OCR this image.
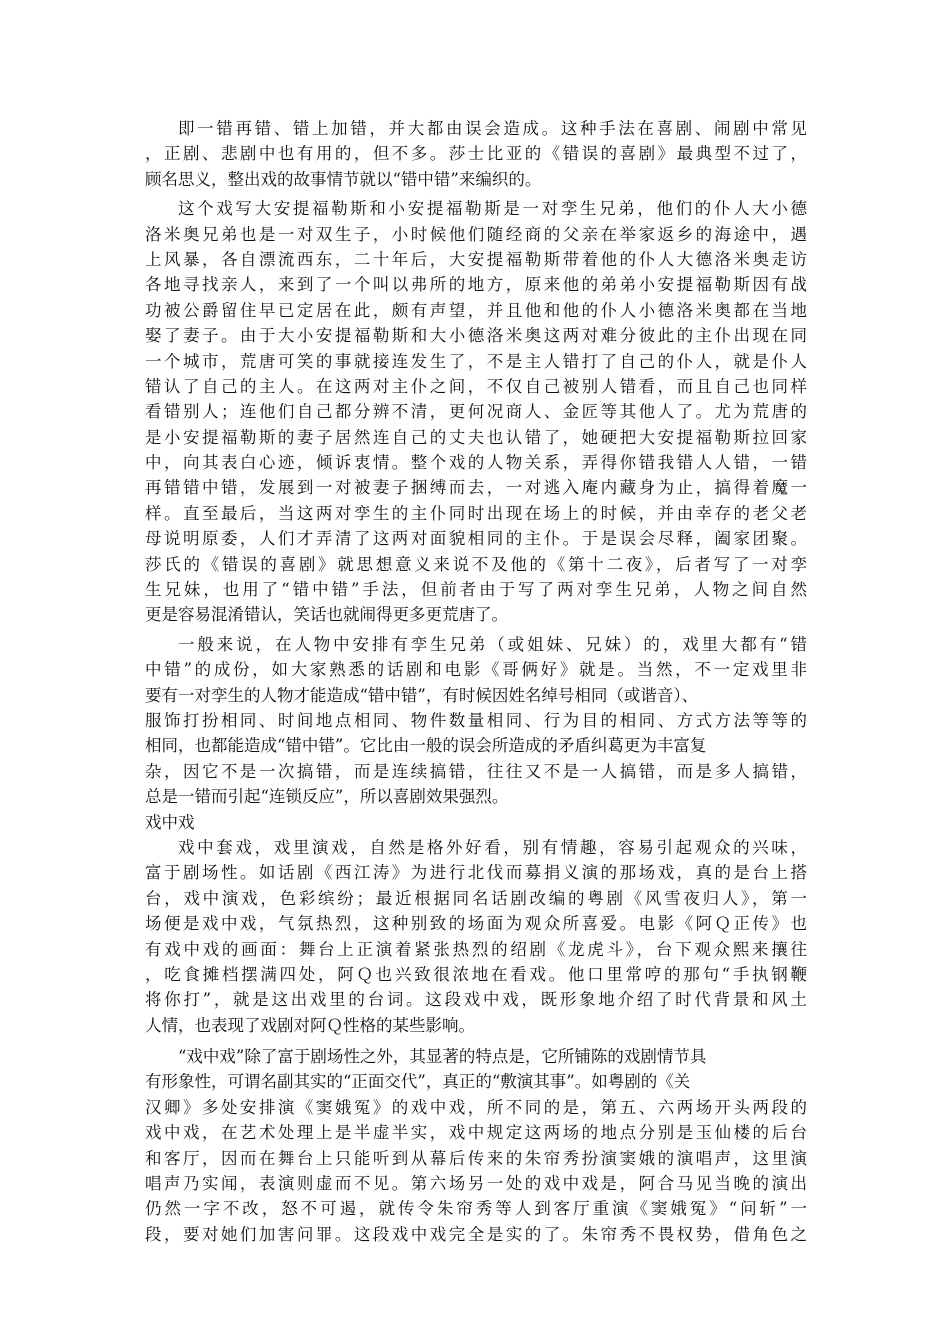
即一错再错、错上加错，并大都由误会造成。这种手法在喜剧、闹剧中常见
，正剧、悲剧中也有用的，但不多。莎士比亚的《错误的喜剧》最典型不过了，
顾名思义，整出戏的故事情节就以“错中错”来编织的。
这个戏写大安提福勒斯和小安提福勒斯是一对孪生兄弟，他们的仆人大小德
洛米奥兄弟也是一对双生子，小时候他们随经商的父亲在举家返乡的海途中，遇
上风暴，各自漂流西东，二十年后，大安提福勒斯带着他的仆人大德洛米奥走访
各地寻找亲人，来到了一个叫以弗所的地方，原来他的弟弟小安提福勒斯因有战
功被公爵留住早已定居在此，颇有声望，并且他和他的仆人小德洛米奥都在当地
娶了妻子。由于大小安提福勒斯和大小德洛米奥这两对难分彼此的主仆出现在同
一个城市，荒唐可笑的事就接连发生了，不是主人错打了自己的仆人，就是仆人
错认了自己的主人。在这两对主仆之间，不仅自己被别人错看，而且自己也同样
看错别人；连他们自己都分辨不清，更何况商人、金匠等其他人了。尤为荒唐的
是小安提福勒斯的妻子居然连自己的丈夫也认错了，她硬把大安提福勒斯拉回家
中，向其表白心迹，倾诉衷情。整个戏的人物关系，弄得你错我错人人错，一错
再错错中错，发展到一对被妻子捆缚而去，一对逃入庵内藏身为止，搞得着魔一
样。直至最后，当这两对孪生的主仆同时出现在场上的时候，并由幸存的老父老
母说明原委，人们才弄清了这两对面貌相同的主仆。于是误会尽释，阖家团聚。
莎氏的《错误的喜剧》就思想意义来说不及他的《第十二夜》，后者写了一对孪
生兄妹，也用了“错中错”手法，但前者由于写了两对孪生兄弟，人物之间自然
更是容易混淆错认，笑话也就闹得更多更荒唐了。
一般来说，在人物中安排有孪生兄弟（或姐妹、兄妹）的，戏里大都有“错
中错”的成份，如大家熟悉的话剧和电影《哥俩好》就是。当然，不一定戏里非
要有一对孪生的人物才能造成“错中错”，有时候因姓名绰号相同（或谐音）、
服饰打扮相同、时间地点相同、物件数量相同、行为目的相同、方式方法等等的
相同，也都能造成“错中错”。它比由一般的误会所造成的矛盾纠葛更为丰富复
杂，因它不是一次搞错，而是连续搞错，往往又不是一人搞错，而是多人搞错，
总是一错而引起“连锁反应”，所以喜剧效果强烈。
戏中戏
戏中套戏，戏里演戏，自然是格外好看，别有情趣，容易引起观众的兴味，
富于剧场性。如话剧《西江涛》为进行北伐而募捐义演的那场戏，真的是台上搭
台，戏中演戏，色彩缤纷；最近根据同名话剧改编的粤剧《风雪夜归人》，第一
场便是戏中戏，气氛热烈，这种别致的场面为观众所喜爱。电影《阿Ｑ正传》也
有戏中戏的画面：舞台上正演着紧张热烈的绍剧《龙虎斗》，台下观众熙来攘往
，吃食摊档摆满四处，阿Ｑ也兴致很浓地在看戏。他口里常哼的那句“手执钢鞭
将你打”，就是这出戏里的台词。这段戏中戏，既形象地介绍了时代背景和风土
人情，也表现了戏剧对阿Ｑ性格的某些影响。
“戏中戏”除了富于剧场性之外，其显著的特点是，它所铺陈的戏剧情节具
有形象性，可谓名副其实的“正面交代”，真正的“敷演其事”。如粤剧的《关
汉卿》多处安排演《窦娥冤》的戏中戏，所不同的是，第五、六两场开头两段的
戏中戏，在艺术处理上是半虚半实，戏中规定这两场的地点分别是玉仙楼的后台
和客厅，因而在舞台上只能听到从幕后传来的朱帘秀扮演窦娥的演唱声，这里演
唱声乃实闻，表演则虚而不见。第六场另一处的戏中戏是，阿合马见当晚的演出
仍然一字不改，怒不可遏，就传令朱帘秀等人到客厅重演《窦娥冤》“问斩”一
段，要对她们加害问罪。这段戏中戏完全是实的了。朱帘秀不畏权势，借角色之
